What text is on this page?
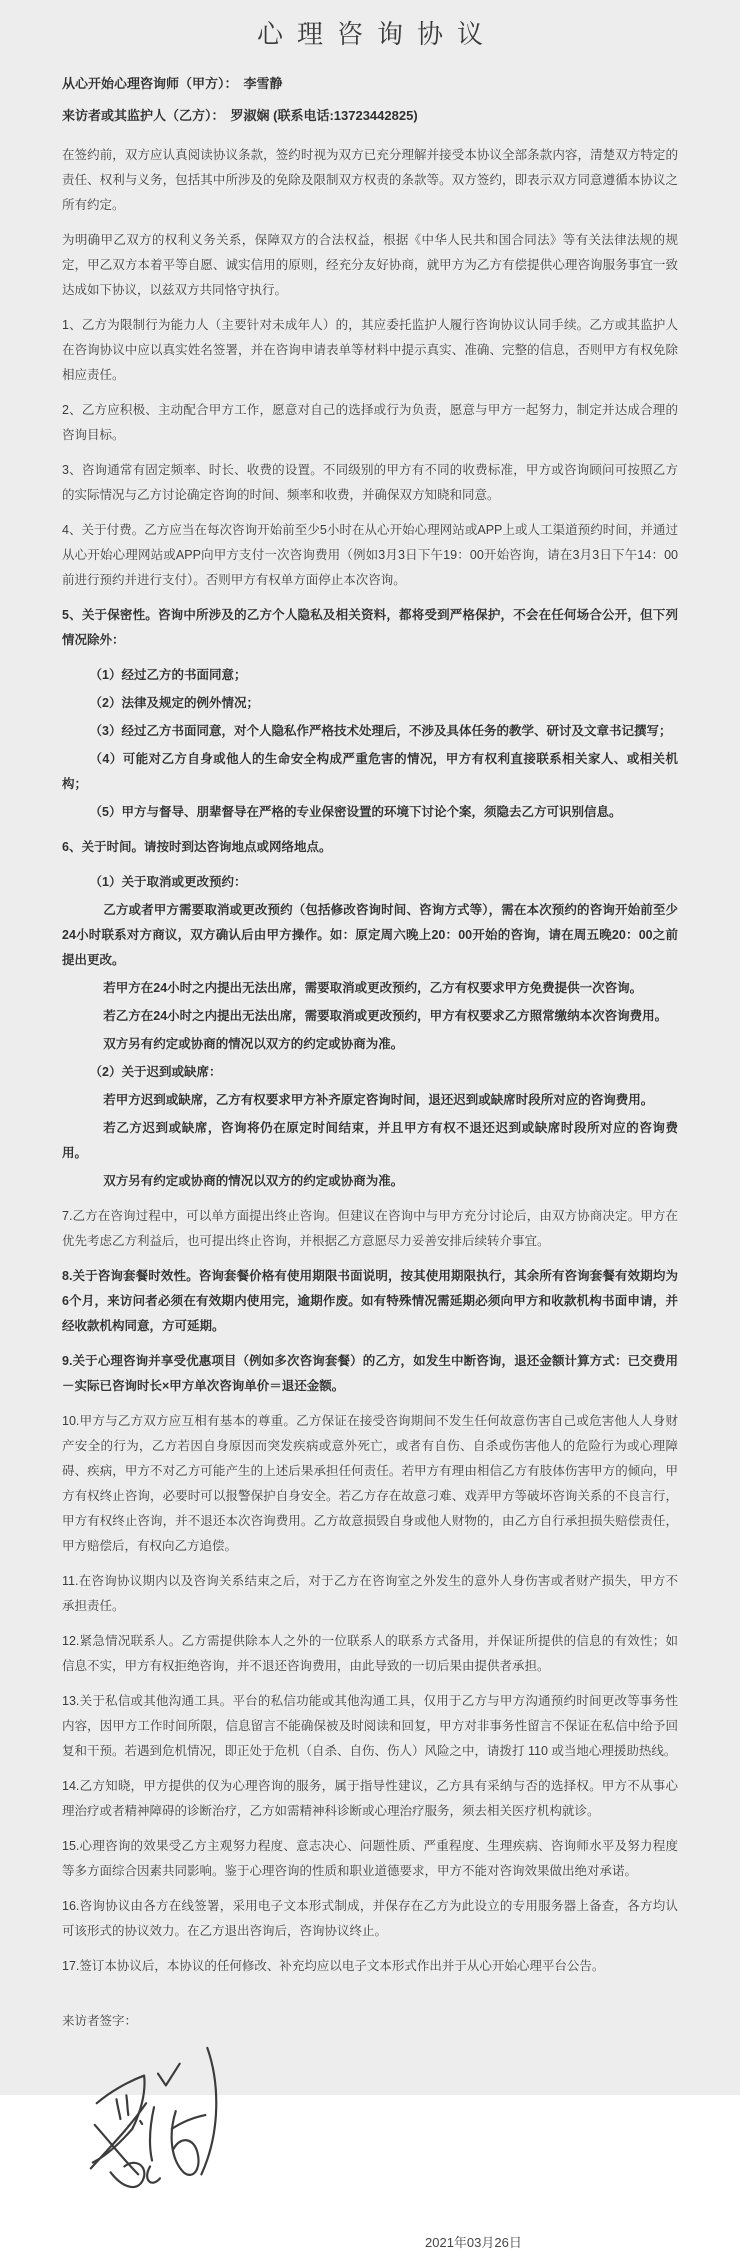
心理咨询协议
从心开始心理咨询师（甲方）： 李雪静
来访者或其监护人（乙方）： 罗淑娴 (联系电话:13723442825)

在签约前，双方应认真阅读协议条款，签约时视为双方已充分理解并接受本协议全部条款内容，清楚双方特定的责任、权利与义务，包括其中所涉及的免除及限制双方权责的条款等。双方签约，即表示双方同意遵循本协议之所有约定。

为明确甲乙双方的权利义务关系，保障双方的合法权益，根据《中华人民共和国合同法》等有关法律法规的规定，甲乙双方本着平等自愿、诚实信用的原则，经充分友好协商，就甲方为乙方有偿提供心理咨询服务事宜一致达成如下协议，以兹双方共同恪守执行。

1、乙方为限制行为能力人（主要针对未成年人）的，其应委托监护人履行咨询协议认同手续。乙方或其监护人在咨询协议中应以真实姓名签署，并在咨询申请表单等材料中提示真实、准确、完整的信息，否则甲方有权免除相应责任。

2、乙方应积极、主动配合甲方工作，愿意对自己的选择或行为负责，愿意与甲方一起努力，制定并达成合理的咨询目标。

3、咨询通常有固定频率、时长、收费的设置。不同级别的甲方有不同的收费标准，甲方或咨询顾问可按照乙方的实际情况与乙方讨论确定咨询的时间、频率和收费，并确保双方知晓和同意。

4、关于付费。乙方应当在每次咨询开始前至少5小时在从心开始心理网站或APP上或人工渠道预约时间，并通过从心开始心理网站或APP向甲方支付一次咨询费用（例如3月3日下午19：00开始咨询，请在3月3日下午14：00前进行预约并进行支付）。否则甲方有权单方面停止本次咨询。

5、关于保密性。咨询中所涉及的乙方个人隐私及相关资料，都将受到严格保护，不会在任何场合公开，但下列情况除外：

（1）经过乙方的书面同意；

（2）法律及规定的例外情况；

（3）经过乙方书面同意，对个人隐私作严格技术处理后，不涉及具体任务的教学、研讨及文章书记撰写；

（4）可能对乙方自身或他人的生命安全构成严重危害的情况，甲方有权利直接联系相关家人、或相关机构；

（5）甲方与督导、朋辈督导在严格的专业保密设置的环境下讨论个案，须隐去乙方可识别信息。

6、关于时间。请按时到达咨询地点或网络地点。

（1）关于取消或更改预约：

乙方或者甲方需要取消或更改预约（包括修改咨询时间、咨询方式等），需在本次预约的咨询开始前至少24小时联系对方商议，双方确认后由甲方操作。如：原定周六晚上20：00开始的咨询，请在周五晚20：00之前提出更改。

若甲方在24小时之内提出无法出席，需要取消或更改预约，乙方有权要求甲方免费提供一次咨询。

若乙方在24小时之内提出无法出席，需要取消或更改预约，甲方有权要求乙方照常缴纳本次咨询费用。

双方另有约定或协商的情况以双方的约定或协商为准。

（2）关于迟到或缺席：

若甲方迟到或缺席，乙方有权要求甲方补齐原定咨询时间，退还迟到或缺席时段所对应的咨询费用。

若乙方迟到或缺席，咨询将仍在原定时间结束，并且甲方有权不退还迟到或缺席时段所对应的咨询费用。

双方另有约定或协商的情况以双方的约定或协商为准。

7.乙方在咨询过程中，可以单方面提出终止咨询。但建议在咨询中与甲方充分讨论后，由双方协商决定。甲方在优先考虑乙方利益后，也可提出终止咨询，并根据乙方意愿尽力妥善安排后续转介事宜。

8.关于咨询套餐时效性。咨询套餐价格有使用期限书面说明，按其使用期限执行，其余所有咨询套餐有效期均为6个月，来访问者必须在有效期内使用完，逾期作废。如有特殊情况需延期必须向甲方和收款机构书面申请，并经收款机构同意，方可延期。

9.关于心理咨询并享受优惠项目（例如多次咨询套餐）的乙方，如发生中断咨询，退还金额计算方式：已交费用－实际已咨询时长×甲方单次咨询单价＝退还金额。

10.甲方与乙方双方应互相有基本的尊重。乙方保证在接受咨询期间不发生任何故意伤害自己或危害他人人身财产安全的行为，乙方若因自身原因而突发疾病或意外死亡，或者有自伤、自杀或伤害他人的危险行为或心理障碍、疾病，甲方不对乙方可能产生的上述后果承担任何责任。若甲方有理由相信乙方有肢体伤害甲方的倾向，甲方有权终止咨询，必要时可以报警保护自身安全。若乙方存在故意刁难、戏弄甲方等破坏咨询关系的不良言行，甲方有权终止咨询，并不退还本次咨询费用。乙方故意损毁自身或他人财物的，由乙方自行承担损失赔偿责任，甲方赔偿后，有权向乙方追偿。

11.在咨询协议期内以及咨询关系结束之后，对于乙方在咨询室之外发生的意外人身伤害或者财产损失，甲方不承担责任。

12.紧急情况联系人。乙方需提供除本人之外的一位联系人的联系方式备用，并保证所提供的信息的有效性；如信息不实，甲方有权拒绝咨询，并不退还咨询费用，由此导致的一切后果由提供者承担。

13.关于私信或其他沟通工具。平台的私信功能或其他沟通工具，仅用于乙方与甲方沟通预约时间更改等事务性内容，因甲方工作时间所限，信息留言不能确保被及时阅读和回复，甲方对非事务性留言不保证在私信中给予回复和干预。若遇到危机情况，即正处于危机（自杀、自伤、伤人）风险之中，请拨打 110 或当地心理援助热线。

14.乙方知晓，甲方提供的仅为心理咨询的服务，属于指导性建议，乙方具有采纳与否的选择权。甲方不从事心理治疗或者精神障碍的诊断治疗，乙方如需精神科诊断或心理治疗服务，须去相关医疗机构就诊。

15.心理咨询的效果受乙方主观努力程度、意志决心、问题性质、严重程度、生理疾病、咨询师水平及努力程度等多方面综合因素共同影响。鉴于心理咨询的性质和职业道德要求，甲方不能对咨询效果做出绝对承诺。

16.咨询协议由各方在线签署，采用电子文本形式制成，并保存在乙方为此设立的专用服务器上备查，各方均认可该形式的协议效力。在乙方退出咨询后，咨询协议终止。

17.签订本协议后，本协议的任何修改、补充均应以电子文本形式作出并于从心开始心理平台公告。

来访者签字：
2021年03月26日
